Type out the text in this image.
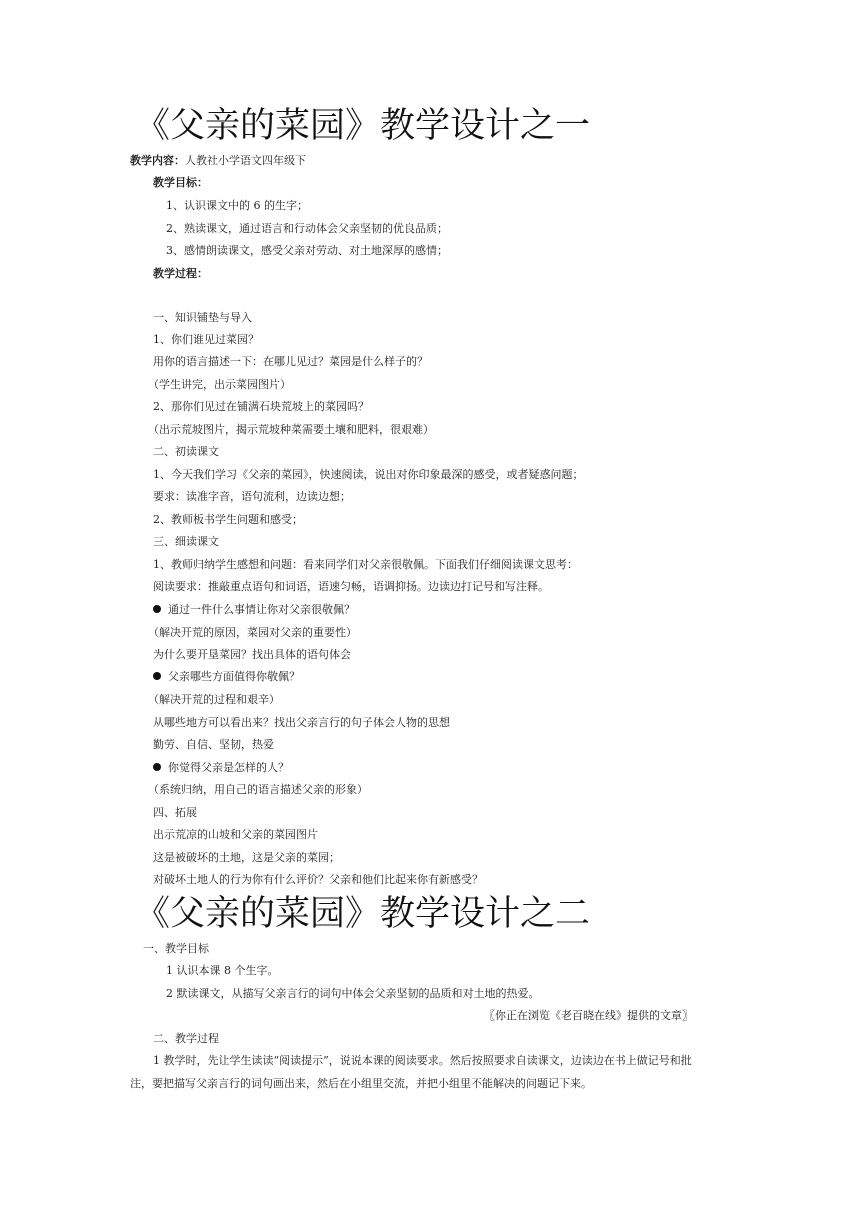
《父亲的菜园》教学设计之一
教学内容：人教社小学语文四年级下
教学目标：
1、认识课文中的 6 的生字；
2、熟读课文，通过语言和行动体会父亲坚韧的优良品质；
3、感情朗读课文，感受父亲对劳动、对土地深厚的感情；
教学过程：
一、知识铺垫与导入
1、你们谁见过菜园？
用你的语言描述一下：在哪儿见过？菜园是什么样子的？
（学生讲完，出示菜园图片）
2、那你们见过在铺满石块荒坡上的菜园吗？
（出示荒坡图片，揭示荒坡种菜需要土壤和肥料，很艰难）
二、初读课文
1、今天我们学习《父亲的菜园》，快速阅读，说出对你印象最深的感受，或者疑惑问题；
要求：读准字音，语句流利，边读边想；
2、教师板书学生问题和感受；
三、细读课文
1、教师归纳学生感想和问题：看来同学们对父亲很敬佩。下面我们仔细阅读课文思考：
阅读要求：推敲重点语句和词语，语速匀畅，语调抑扬。边读边打记号和写注释。
通过一件什么事情让你对父亲很敬佩？
（解决开荒的原因，菜园对父亲的重要性）
为什么要开垦菜园？找出具体的语句体会
父亲哪些方面值得你敬佩？
（解决开荒的过程和艰辛）
从哪些地方可以看出来？找出父亲言行的句子体会人物的思想
勤劳、自信、坚韧，热爱
你觉得父亲是怎样的人？
（系统归纳，用自己的语言描述父亲的形象）
四、拓展
出示荒凉的山坡和父亲的菜园图片
这是被破坏的土地，这是父亲的菜园；
对破坏土地人的行为你有什么评价？父亲和他们比起来你有新感受？
《父亲的菜园》教学设计之二
一、教学目标
1 认识本课 8 个生字。
2 默读课文，从描写父亲言行的词句中体会父亲坚韧的品质和对土地的热爱。
〖你正在浏览《老百晓在线》提供的文章〗
二、教学过程
1 教学时，先让学生读读“阅读提示”，说说本课的阅读要求。然后按照要求自读课文，边读边在书上做记号和批
注，要把描写父亲言行的词句画出来，然后在小组里交流，并把小组里不能解决的问题记下来。
